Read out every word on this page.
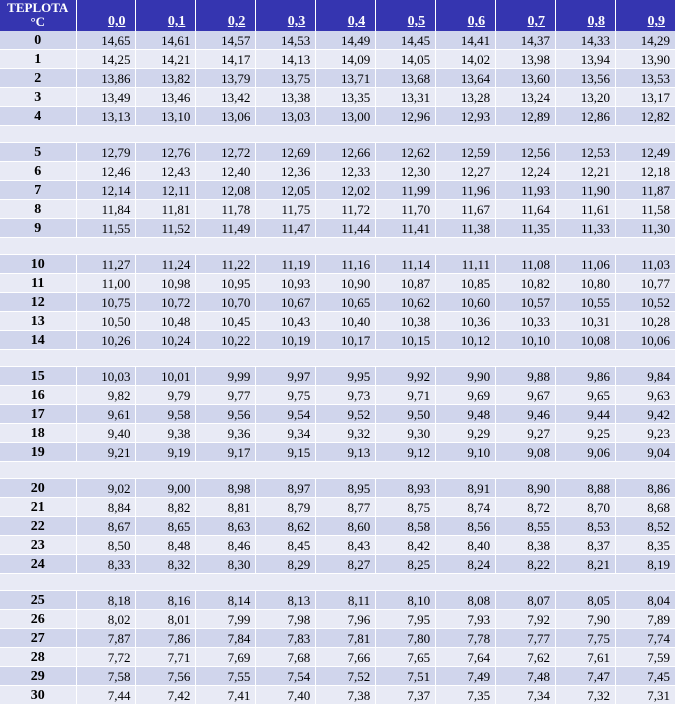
TEPLOTA
°C	0,0	0,1	0,2	0,3	0,4	0,5	0,6	0,7	0,8	0,9
0	14,65	14,61	14,57	14,53	14,49	14,45	14,41	14,37	14,33	14,29
1	14,25	14,21	14,17	14,13	14,09	14,05	14,02	13,98	13,94	13,90
2	13,86	13,82	13,79	13,75	13,71	13,68	13,64	13,60	13,56	13,53
3	13,49	13,46	13,42	13,38	13,35	13,31	13,28	13,24	13,20	13,17
4	13,13	13,10	13,06	13,03	13,00	12,96	12,93	12,89	12,86	12,82

5	12,79	12,76	12,72	12,69	12,66	12,62	12,59	12,56	12,53	12,49
6	12,46	12,43	12,40	12,36	12,33	12,30	12,27	12,24	12,21	12,18
7	12,14	12,11	12,08	12,05	12,02	11,99	11,96	11,93	11,90	11,87
8	11,84	11,81	11,78	11,75	11,72	11,70	11,67	11,64	11,61	11,58
9	11,55	11,52	11,49	11,47	11,44	11,41	11,38	11,35	11,33	11,30

10	11,27	11,24	11,22	11,19	11,16	11,14	11,11	11,08	11,06	11,03
11	11,00	10,98	10,95	10,93	10,90	10,87	10,85	10,82	10,80	10,77
12	10,75	10,72	10,70	10,67	10,65	10,62	10,60	10,57	10,55	10,52
13	10,50	10,48	10,45	10,43	10,40	10,38	10,36	10,33	10,31	10,28
14	10,26	10,24	10,22	10,19	10,17	10,15	10,12	10,10	10,08	10,06

15	10,03	10,01	9,99	9,97	9,95	9,92	9,90	9,88	9,86	9,84
16	9,82	9,79	9,77	9,75	9,73	9,71	9,69	9,67	9,65	9,63
17	9,61	9,58	9,56	9,54	9,52	9,50	9,48	9,46	9,44	9,42
18	9,40	9,38	9,36	9,34	9,32	9,30	9,29	9,27	9,25	9,23
19	9,21	9,19	9,17	9,15	9,13	9,12	9,10	9,08	9,06	9,04

20	9,02	9,00	8,98	8,97	8,95	8,93	8,91	8,90	8,88	8,86
21	8,84	8,82	8,81	8,79	8,77	8,75	8,74	8,72	8,70	8,68
22	8,67	8,65	8,63	8,62	8,60	8,58	8,56	8,55	8,53	8,52
23	8,50	8,48	8,46	8,45	8,43	8,42	8,40	8,38	8,37	8,35
24	8,33	8,32	8,30	8,29	8,27	8,25	8,24	8,22	8,21	8,19

25	8,18	8,16	8,14	8,13	8,11	8,10	8,08	8,07	8,05	8,04
26	8,02	8,01	7,99	7,98	7,96	7,95	7,93	7,92	7,90	7,89
27	7,87	7,86	7,84	7,83	7,81	7,80	7,78	7,77	7,75	7,74
28	7,72	7,71	7,69	7,68	7,66	7,65	7,64	7,62	7,61	7,59
29	7,58	7,56	7,55	7,54	7,52	7,51	7,49	7,48	7,47	7,45
30	7,44	7,42	7,41	7,40	7,38	7,37	7,35	7,34	7,32	7,31
